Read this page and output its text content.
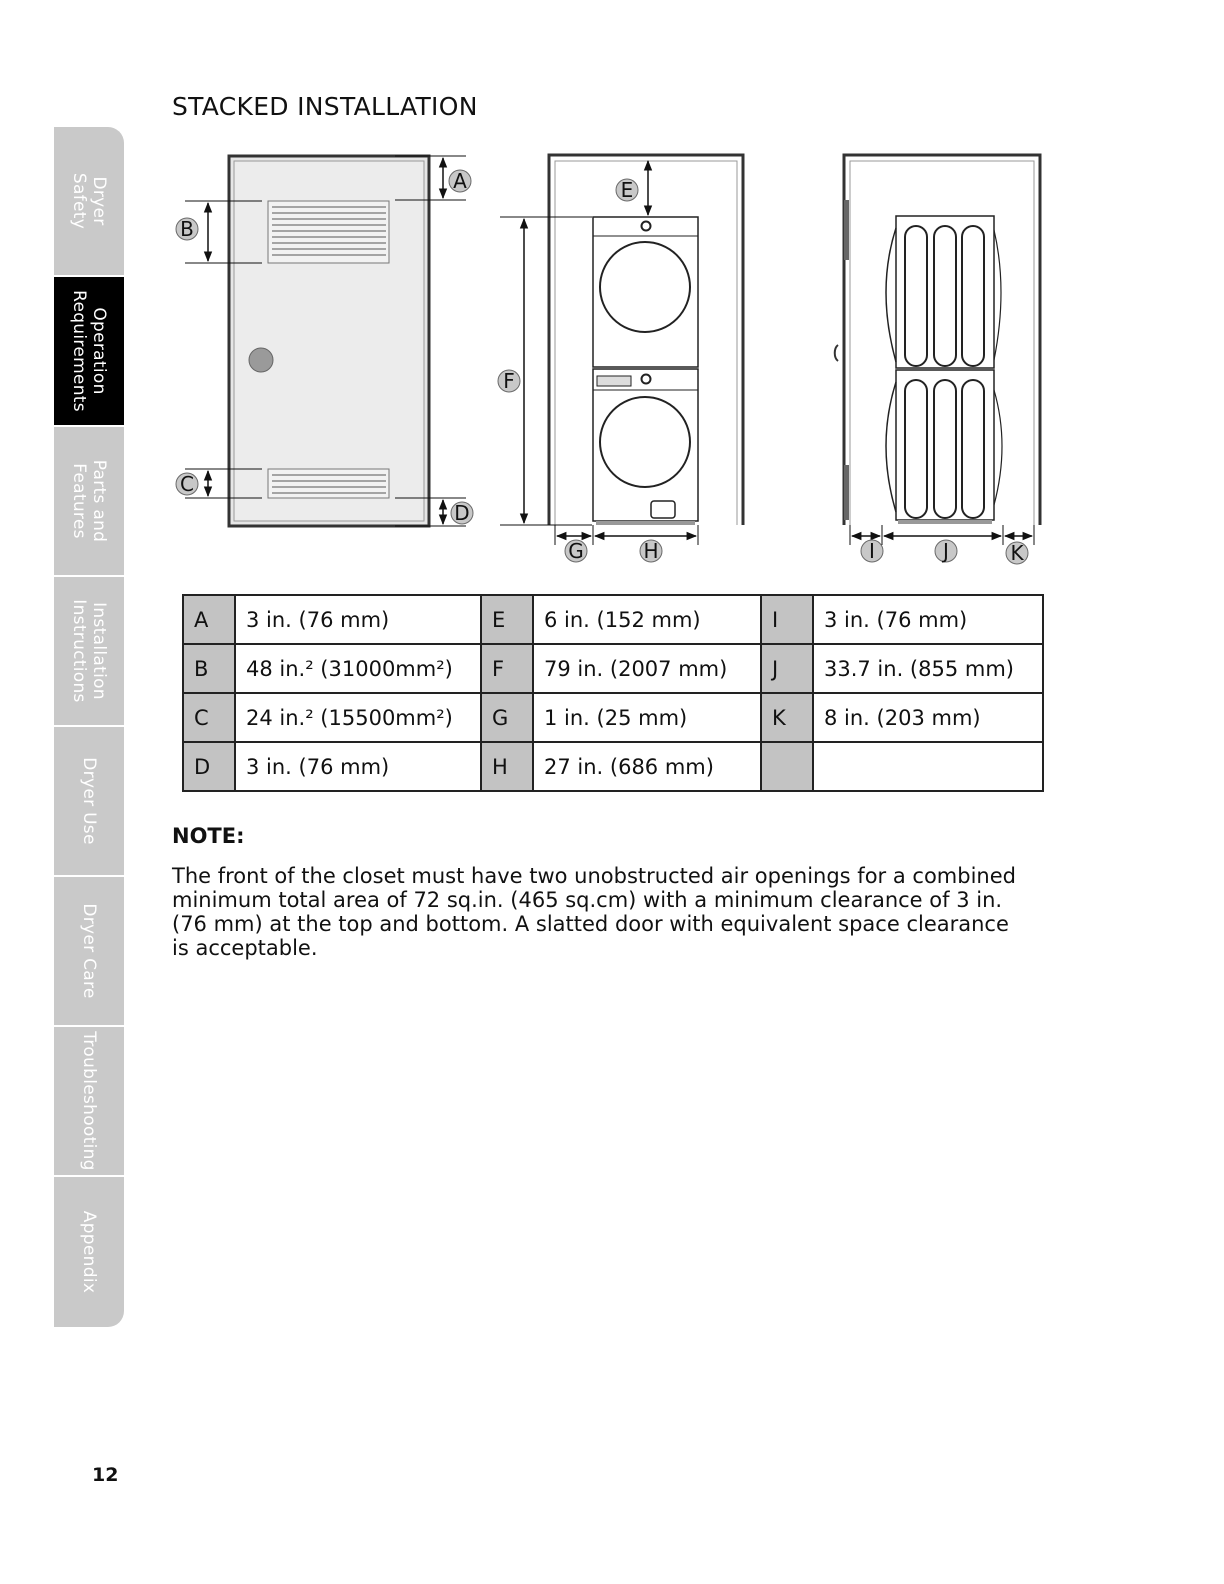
Dryer
Safety
Operation
Requirements
Parts and
Features
Installation
Instructions
Dryer Use
Dryer Care
Troubleshooting
Appendix
STACKED INSTALLATION
A
B
C
D
E
F
G	H	I	J	K
A	3 in. (76 mm)	E	6 in. (152 mm)	I	3 in. (76 mm)
B	48 in.² (31000mm²)	F	79 in. (2007 mm)	J	33.7 in. (855 mm)
C	24 in.² (15500mm²)	G	1 in. (25 mm)	K	8 in. (203 mm)
D	3 in. (76 mm)	H	27 in. (686 mm)		
NOTE:

The front of the closet must have two unobstructed air openings for a combined minimum total area of 72 sq.in. (465 sq.cm) with a minimum clearance of 3 in. (76 mm) at the top and bottom. A slatted door with equivalent space clearance is acceptable.

12
